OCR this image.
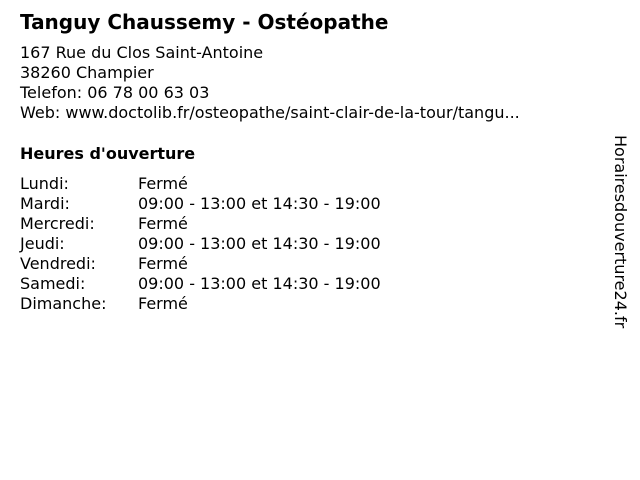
Tanguy Chaussemy - Ostéopathe
167 Rue du Clos Saint-Antoine
38260 Champier
Telefon: 06 78 00 63 03
Web: www.doctolib.fr/osteopathe/saint-clair-de-la-tour/tangu...
Heures d'ouverture
Lundi:	Fermé
Mardi:	09:00 - 13:00 et 14:30 - 19:00
Mercredi:	Fermé
Jeudi:	09:00 - 13:00 et 14:30 - 19:00
Vendredi:	Fermé
Samedi:	09:00 - 13:00 et 14:30 - 19:00
Dimanche:	Fermé	Horairesdouverture24.fr
